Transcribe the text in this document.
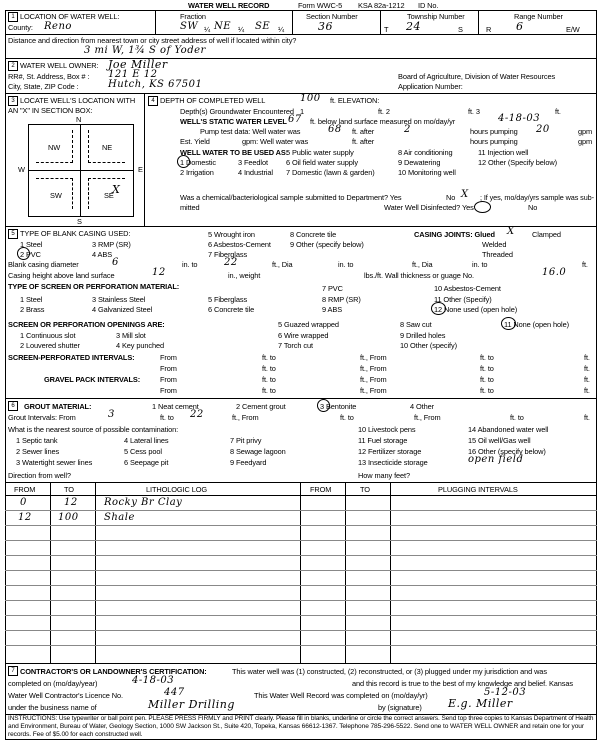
WATER WELL RECORD	Form WWC-5 KSA 82a-1212 ID No.
1 LOCATION OF WATER WELL:
County: Reno
Fraction
SW ¼ NE ¼ SE ¼
Section Number
36
Township Number
T 24	S
Range Number
R 6	E/W
Distance and direction from nearest town or city street address of well if located within city?
3 mi W, 1¾ S of Yoder
2 WATER WELL OWNER: Joe Miller
RR#, St. Address, Box # : 121 E 12
City, State, ZIP Code :	Hutch, KS 67501
Board of Agriculture, Division of Water Resources
Application Number:
3 LOCATE WELL'S LOCATION WITH
AN "X" IN SECTION BOX:
N
S
W	E
NW	NE
SW	SE
X
4 DEPTH OF COMPLETED WELL	100 ft. ELEVATION:
Depth(s) Groundwater Encountered 1	ft. 2	ft. 3	ft.
WELL'S STATIC WATER LEVEL 67 ft. below land surface measured on mo/day/yr	4-18-03
Pump test data: Well water was	68 ft. after	2	hours pumping 20	gpm
Est. Yield	gpm: Well water was	ft. after	hours pumping	gpm
WELL WATER TO BE USED AS:
1 Domestic	3 Feedlot
5 Public water supply	8 Air conditioning	11 Injection well
2 Irrigation	4 Industrial
6 Oil field water supply	9 Dewatering	12 Other (Specify below)
7 Domestic (lawn & garden)	10 Monitoring well
Was a chemical/bacteriological sample submitted to Department? Yes	No X ; If yes, mo/day/yrs sample was sub-
mitted	Water Well Disinfected? Yes	No
5 TYPE OF BLANK CASING USED:
1 Steel	3 RMP (SR)
5 Wrought iron	8 Concrete tile
2 PVC	4 ABS
6 Asbestos-Cement	9 Other (specify below)
7 Fiberglass
CASING JOINTS: Glued X Clamped
Welded
Threaded
Blank casing diameter	6	in. to	22	ft., Dia	in. to	ft., Dia	in. to	ft.
Casing height above land surface	12	in., weight	lbs./ft. Wall thickness or guage No.	16.0
TYPE OF SCREEN OR PERFORATION MATERIAL:
1 Steel	3 Stainless Steel	5 Fiberglass
7 PVC	10 Asbestos-Cement
2 Brass	4 Galvanized Steel	6 Concrete tile
8 RMP (SR)	11 Other (Specify)
9 ABS	12 None used (open hole)
SCREEN OR PERFORATION OPENINGS ARE:	5 Guazed wrapped	8 Saw cut	11 None (open hole)
1 Continuous slot	3 Mill slot	6 Wire wrapped	9 Drilled holes
2 Louvered shutter	4 Key punched	7 Torch cut	10 Other (specify)
SCREEN-PERFORATED INTERVALS:
GRAVEL PACK INTERVALS:
From	ft. to	ft., From	ft. to	ft.
From	ft. to	ft., From	ft. to	ft.
From	ft. to	ft., From	ft. to	ft.
From	ft. to	ft., From	ft. to	ft.
6	GROUT MATERIAL:	1 Neat cement	2 Cement grout	3 Bentonite	4 Other
Grout Intervals: From	3	ft. to 22	ft., From	ft. to	ft., From	ft. to	ft.
What is the nearest source of possible contamination:
1 Septic tank	4 Lateral lines	7 Pit privy
10 Livestock pens	14 Abandoned water well
2 Sewer lines	5 Cess pool	8 Sewage lagoon
11 Fuel storage	15 Oil well/Gas well
3 Watertight sewer lines	6 Seepage pit	9 Feedyard
12 Fertilizer storage	16 Other (specify below)
13 Insecticide storage	open field
Direction from well?	How many feet?
FROM	TO	LITHOLOGIC LOG	FROM	TO	PLUGGING INTERVALS
0	12	Rocky Br Clay
12	100	Shale
7 CONTRACTOR'S OR LANDOWNER'S CERTIFICATION:	This water well was (1) constructed, (2) reconstructed, or (3) plugged under my jurisdiction and was
completed on (mo/day/year)	4-18-03	and this record is true to the best of my knowledge and belief. Kansas
Water Well Contractor's Licence No.	447	This Water Well Record was completed on (mo/day/yr)	5-12-03
under the business name of	Miller Drilling	by (signature) E.g. Miller
INSTRUCTIONS: Use typewriter or ball point pen. PLEASE PRESS FIRMLY and PRINT clearly. Please fill in blanks, underline or circle the correct answers. Send top three copies to Kansas Department of Health
and Environment, Bureau of Water, Geology Section, 1000 SW Jackson St., Suite 420, Topeka, Kansas 66612-1367. Telephone 785-296-5522. Send one to WATER WELL OWNER and retain one for your
records. Fee of $5.00 for each constructed well.
